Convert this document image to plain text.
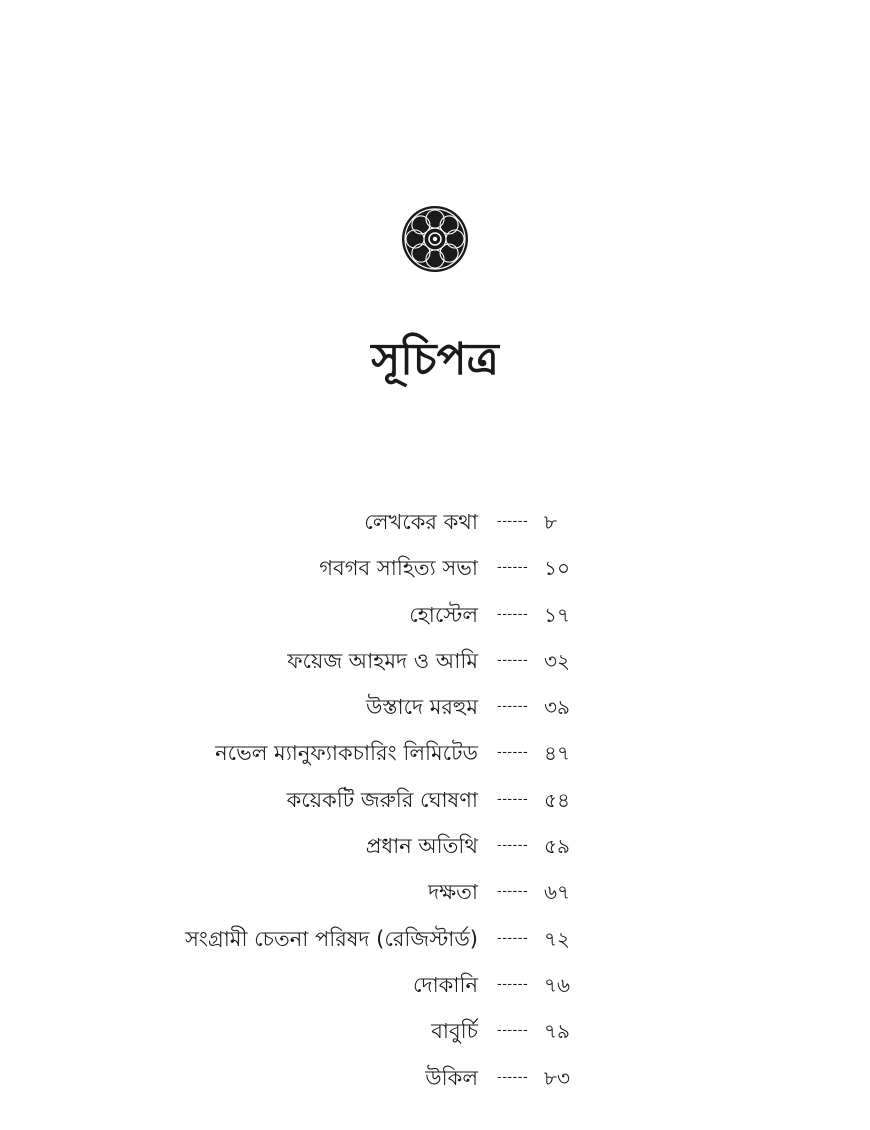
সূচিপত্র
লেখকের কথা ------ ৮
গবগব সাহিত্য সভা ------ ১০
হোস্টেল ------ ১৭
ফয়েজ আহমদ ও আমি ------ ৩২
উস্তাদে মরহুম ------ ৩৯
নভেল ম্যানুফ্যাকচারিং লিমিটেড ------ ৪৭
কয়েকটি জরুরি ঘোষণা ------ ৫৪
প্রধান অতিথি ------ ৫৯
দক্ষতা ------ ৬৭
সংগ্রামী চেতনা পরিষদ (রেজিস্টার্ড) ------ ৭২
দোকানি ------ ৭৬
বাবুর্চি ------ ৭৯
উকিল ------ ৮৩
